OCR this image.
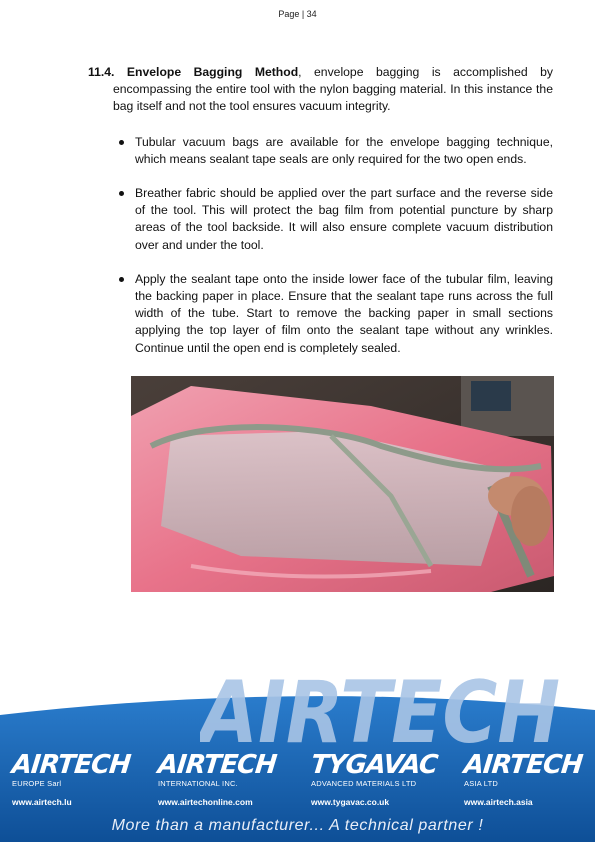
Page | 34

11.4. Envelope Bagging Method, envelope bagging is accomplished by encompassing the entire tool with the nylon bagging material. In this instance the bag itself and not the tool ensures vacuum integrity.

Tubular vacuum bags are available for the envelope bagging technique, which means sealant tape seals are only required for the two open ends.
Breather fabric should be applied over the part surface and the reverse side of the tool. This will protect the bag film from potential puncture by sharp areas of the tool backside. It will also ensure complete vacuum distribution over and under the tool.
Apply the sealant tape onto the inside lower face of the tubular film, leaving the backing paper in place. Ensure that the sealant tape runs across the full width of the tube. Start to remove the backing paper in small sections applying the top layer of film onto the sealant tape without any wrinkles. Continue until the open end is completely sealed.
AIRTECH
AIRTECH
EUROPE Sarl
www.airtech.lu
AIRTECH
INTERNATIONAL INC.
www.airtechonline.com
TYGAVAC
ADVANCED MATERIALS LTD
www.tygavac.co.uk
AIRTECH
ASIA LTD
www.airtech.asia
More than a manufacturer... A technical partner !
